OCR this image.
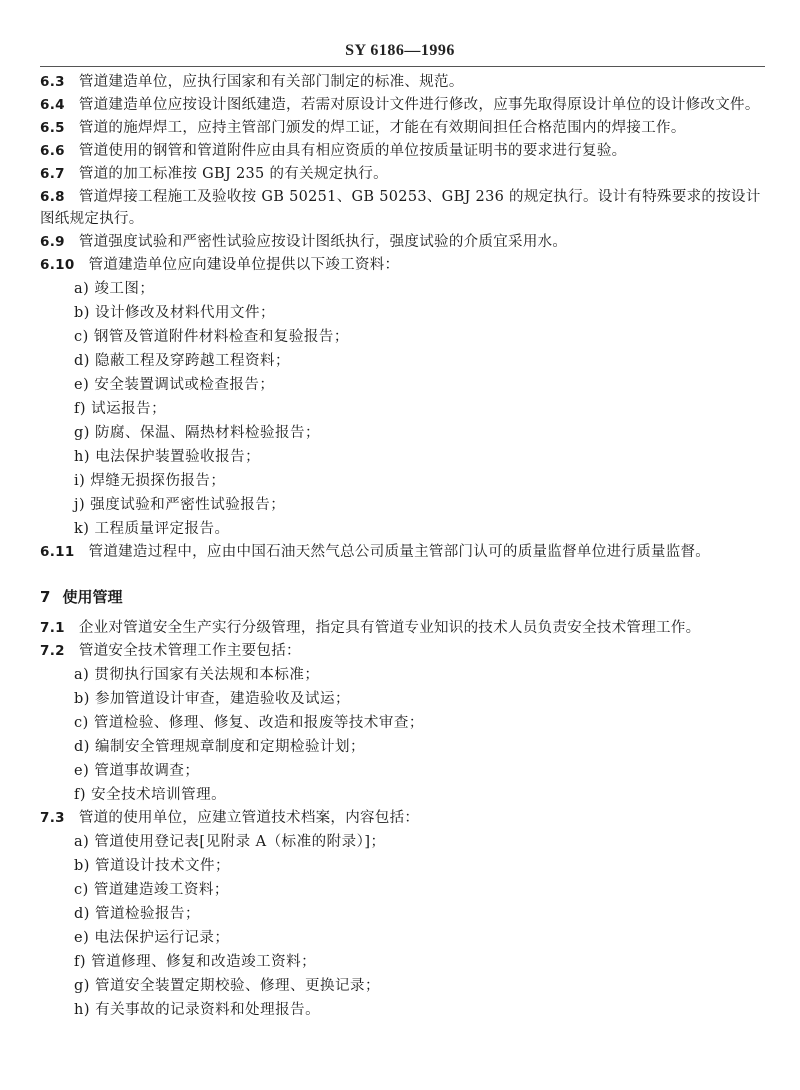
SY 6186—1996
6.3 管道建造单位，应执行国家和有关部门制定的标准、规范。
6.4 管道建造单位应按设计图纸建造，若需对原设计文件进行修改，应事先取得原设计单位的设计修改文件。
6.5 管道的施焊焊工，应持主管部门颁发的焊工证，才能在有效期间担任合格范围内的焊接工作。
6.6 管道使用的钢管和管道附件应由具有相应资质的单位按质量证明书的要求进行复验。
6.7 管道的加工标准按 GBJ 235 的有关规定执行。
6.8 管道焊接工程施工及验收按 GB 50251、GB 50253、GBJ 236 的规定执行。设计有特殊要求的按设计图纸规定执行。
6.9 管道强度试验和严密性试验应按设计图纸执行，强度试验的介质宜采用水。
6.10 管道建造单位应向建设单位提供以下竣工资料：
a) 竣工图；
b) 设计修改及材料代用文件；
c) 钢管及管道附件材料检查和复验报告；
d) 隐蔽工程及穿跨越工程资料；
e) 安全装置调试或检查报告；
f) 试运报告；
g) 防腐、保温、隔热材料检验报告；
h) 电法保护装置验收报告；
i) 焊缝无损探伤报告；
j) 强度试验和严密性试验报告；
k) 工程质量评定报告。
6.11 管道建造过程中，应由中国石油天然气总公司质量主管部门认可的质量监督单位进行质量监督。
7 使用管理
7.1 企业对管道安全生产实行分级管理，指定具有管道专业知识的技术人员负责安全技术管理工作。
7.2 管道安全技术管理工作主要包括：
a) 贯彻执行国家有关法规和本标准；
b) 参加管道设计审查，建造验收及试运；
c) 管道检验、修理、修复、改造和报废等技术审查；
d) 编制安全管理规章制度和定期检验计划；
e) 管道事故调查；
f) 安全技术培训管理。
7.3 管道的使用单位，应建立管道技术档案，内容包括：
a) 管道使用登记表[见附录 A（标准的附录）]；
b) 管道设计技术文件；
c) 管道建造竣工资料；
d) 管道检验报告；
e) 电法保护运行记录；
f) 管道修理、修复和改造竣工资料；
g) 管道安全装置定期校验、修理、更换记录；
h) 有关事故的记录资料和处理报告。
